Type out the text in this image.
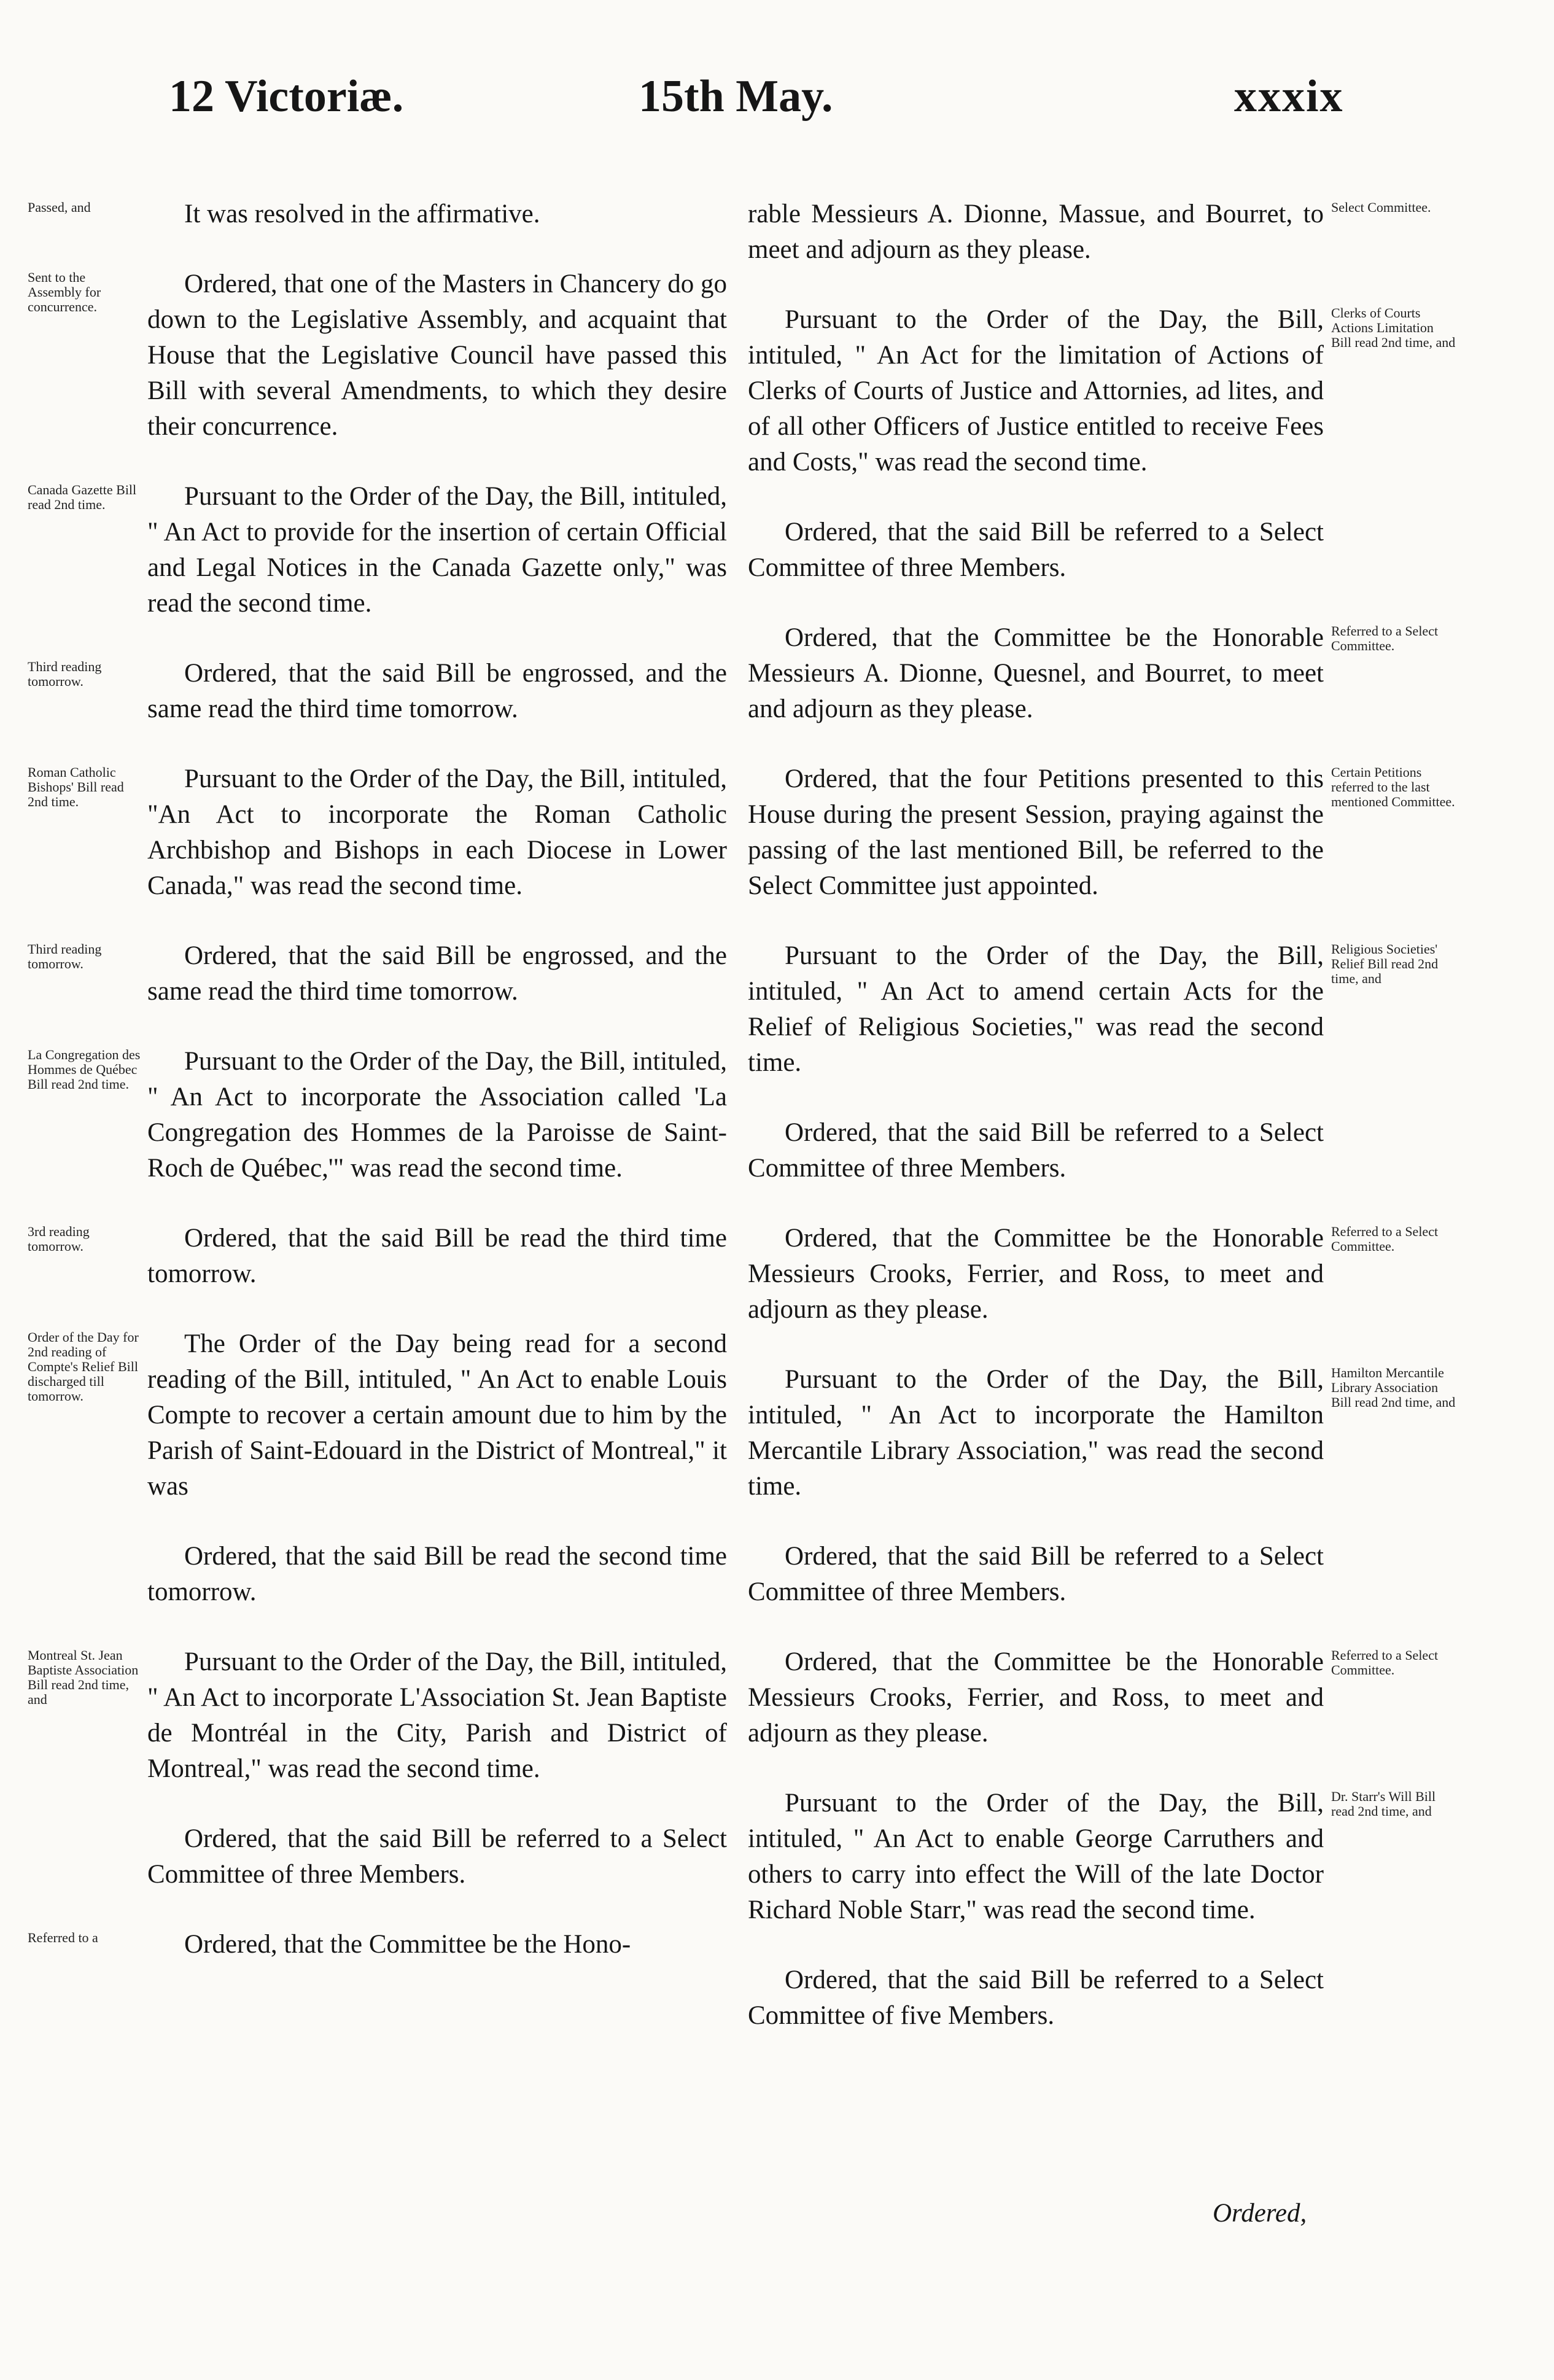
12 Victoriæ.	15th May.	xxxix
Passed, and	It was resolved in the affirmative.
Sent to the Assembly for concurrence.
Ordered, that one of the Masters in Chancery do go down to the Legislative Assembly, and acquaint that House that the Legislative Council have passed this Bill with several Amendments, to which they desire their concurrence.
Canada Gazette Bill read 2nd time.	Pursuant to the Order of the Day, the Bill, intituled, " An Act to provide for the insertion of certain Official and Legal Notices in the Canada Gazette only," was read the second time.
Third reading tomorrow.	Ordered, that the said Bill be engrossed, and the same read the third time tomorrow.
Roman Catholic Bishops' Bill read 2nd time.
Pursuant to the Order of the Day, the Bill, intituled, "An Act to incorporate the Roman Catholic Archbishop and Bishops in each Diocese in Lower Canada," was read the second time.
Third reading tomorrow.	Ordered, that the said Bill be engrossed, and the same read the third time tomorrow.
La Congregation des Hommes de Québec Bill read 2nd time.
Pursuant to the Order of the Day, the Bill, intituled, " An Act to incorporate the Association called 'La Congregation des Hommes de la Paroisse de Saint-Roch de Québec,'" was read the second time.
3rd reading tomorrow.	Ordered, that the said Bill be read the third time tomorrow.
Order of the Day for 2nd reading of Compte's Relief Bill discharged till tomorrow.
The Order of the Day being read for a second reading of the Bill, intituled, " An Act to enable Louis Compte to recover a certain amount due to him by the Parish of Saint-Edouard in the District of Montreal," it was
Ordered, that the said Bill be read the second time tomorrow.
Montreal St. Jean Baptiste Association Bill read 2nd time, and
Pursuant to the Order of the Day, the Bill, intituled, " An Act to incorporate L'Association St. Jean Baptiste de Montréal in the City, Parish and District of Montreal," was read the second time.
Ordered, that the said Bill be referred to a Select Committee of three Members.
Referred to a	Ordered, that the Committee be the Hono-
Select Committee.
rable Messieurs A. Dionne, Massue, and Bourret, to meet and adjourn as they please.
Clerks of Courts Actions Limitation Bill read 2nd time, and
Pursuant to the Order of the Day, the Bill, intituled, " An Act for the limitation of Actions of Clerks of Courts of Justice and Attornies, ad lites, and of all other Officers of Justice entitled to receive Fees and Costs," was read the second time.
Ordered, that the said Bill be referred to a Select Committee of three Members.
Referred to a Select Committee.
Ordered, that the Committee be the Honorable Messieurs A. Dionne, Quesnel, and Bourret, to meet and adjourn as they please.
Certain Petitions referred to the last mentioned Committee.
Ordered, that the four Petitions presented to this House during the present Session, praying against the passing of the last mentioned Bill, be referred to the Select Committee just appointed.
Religious Societies' Relief Bill read 2nd time, and
Pursuant to the Order of the Day, the Bill, intituled, " An Act to amend certain Acts for the Relief of Religious Societies," was read the second time.
Ordered, that the said Bill be referred to a Select Committee of three Members.
Referred to a Select Committee.
Ordered, that the Committee be the Honorable Messieurs Crooks, Ferrier, and Ross, to meet and adjourn as they please.
Hamilton Mercantile Library Association Bill read 2nd time, and
Pursuant to the Order of the Day, the Bill, intituled, " An Act to incorporate the Hamilton Mercantile Library Association," was read the second time.
Ordered, that the said Bill be referred to a Select Committee of three Members.
Referred to a Select Committee.
Ordered, that the Committee be the Honorable Messieurs Crooks, Ferrier, and Ross, to meet and adjourn as they please.
Dr. Starr's Will Bill read 2nd time, and
Pursuant to the Order of the Day, the Bill, intituled, " An Act to enable George Carruthers and others to carry into effect the Will of the late Doctor Richard Noble Starr," was read the second time.
Ordered, that the said Bill be referred to a Select Committee of five Members.
Ordered,
